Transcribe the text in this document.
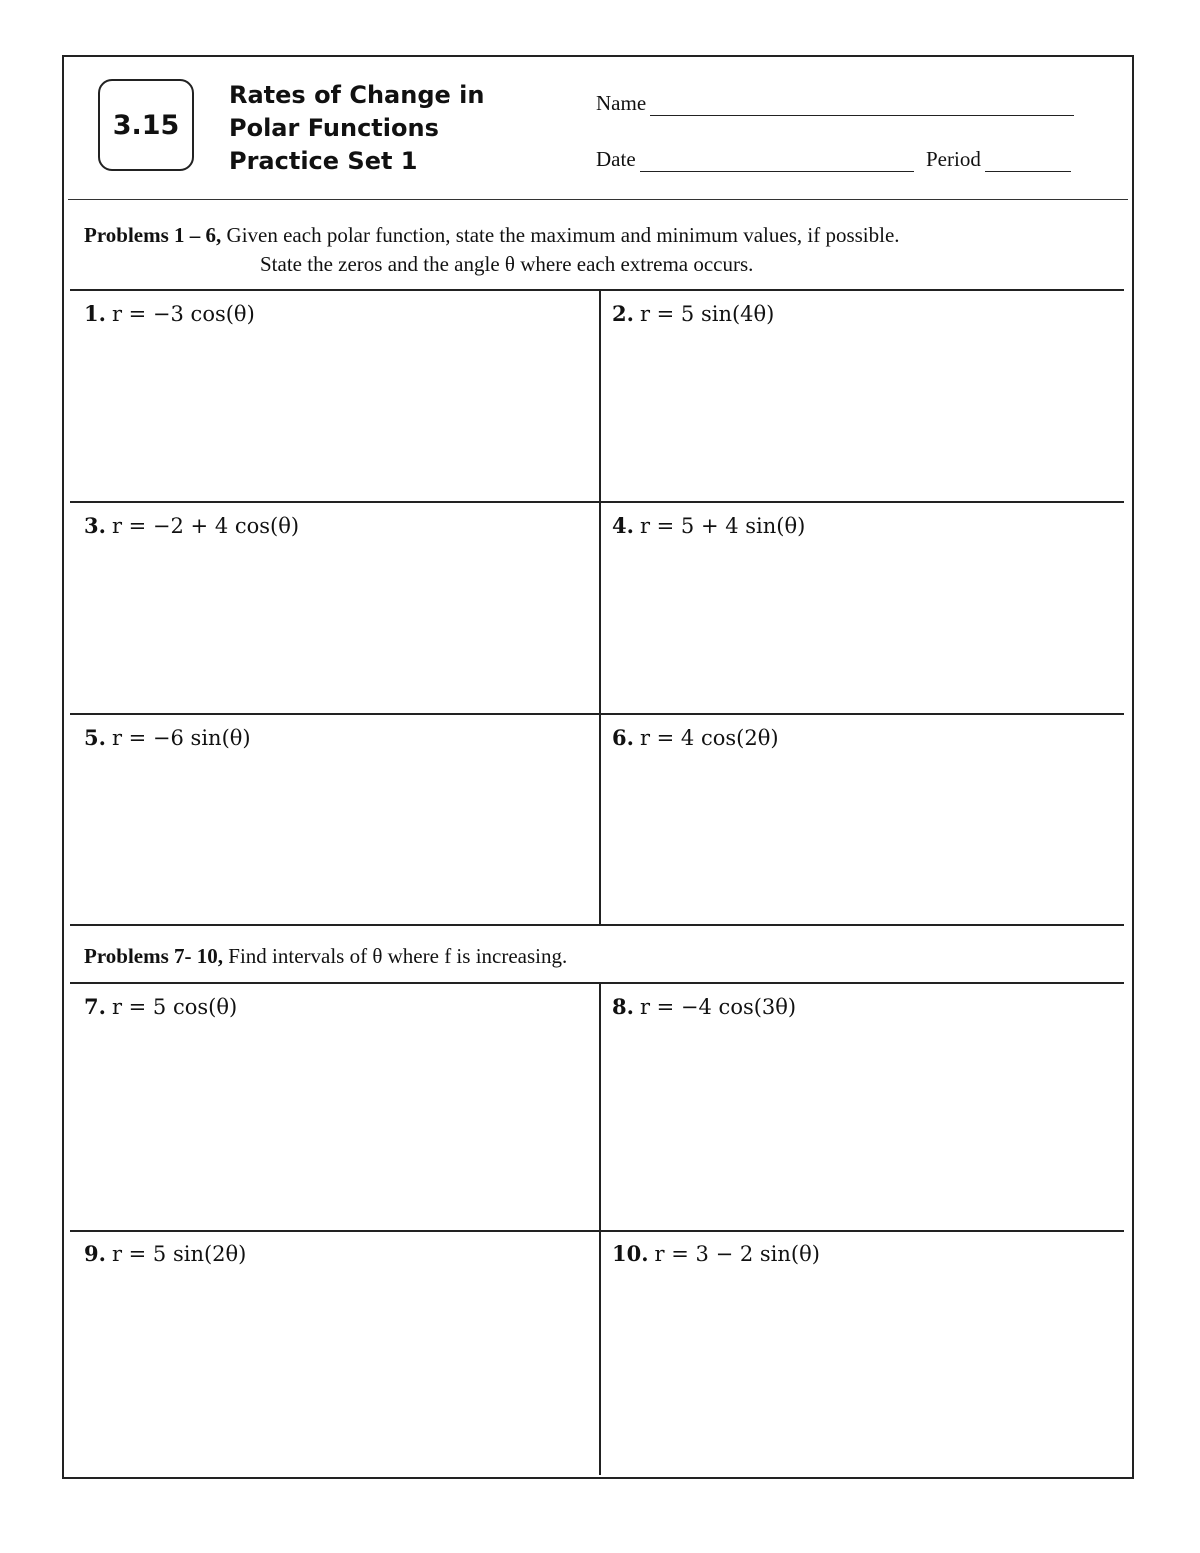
3.15
Rates of Change in
Polar Functions
Practice Set 1
Name
Date	Period
Problems 1 – 6, Given each polar function, state the maximum and minimum values, if possible.
State the zeros and the angle θ where each extrema occurs.
1. r = −3 cos(θ)	2. r = 5 sin(4θ)
3. r = −2 + 4 cos(θ)	4. r = 5 + 4 sin(θ)
5. r = −6 sin(θ)	6. r = 4 cos(2θ)
Problems 7- 10, Find intervals of θ where f is increasing.
7. r = 5 cos(θ)	8. r = −4 cos(3θ)
9. r = 5 sin(2θ)	10. r = 3 − 2 sin(θ)
